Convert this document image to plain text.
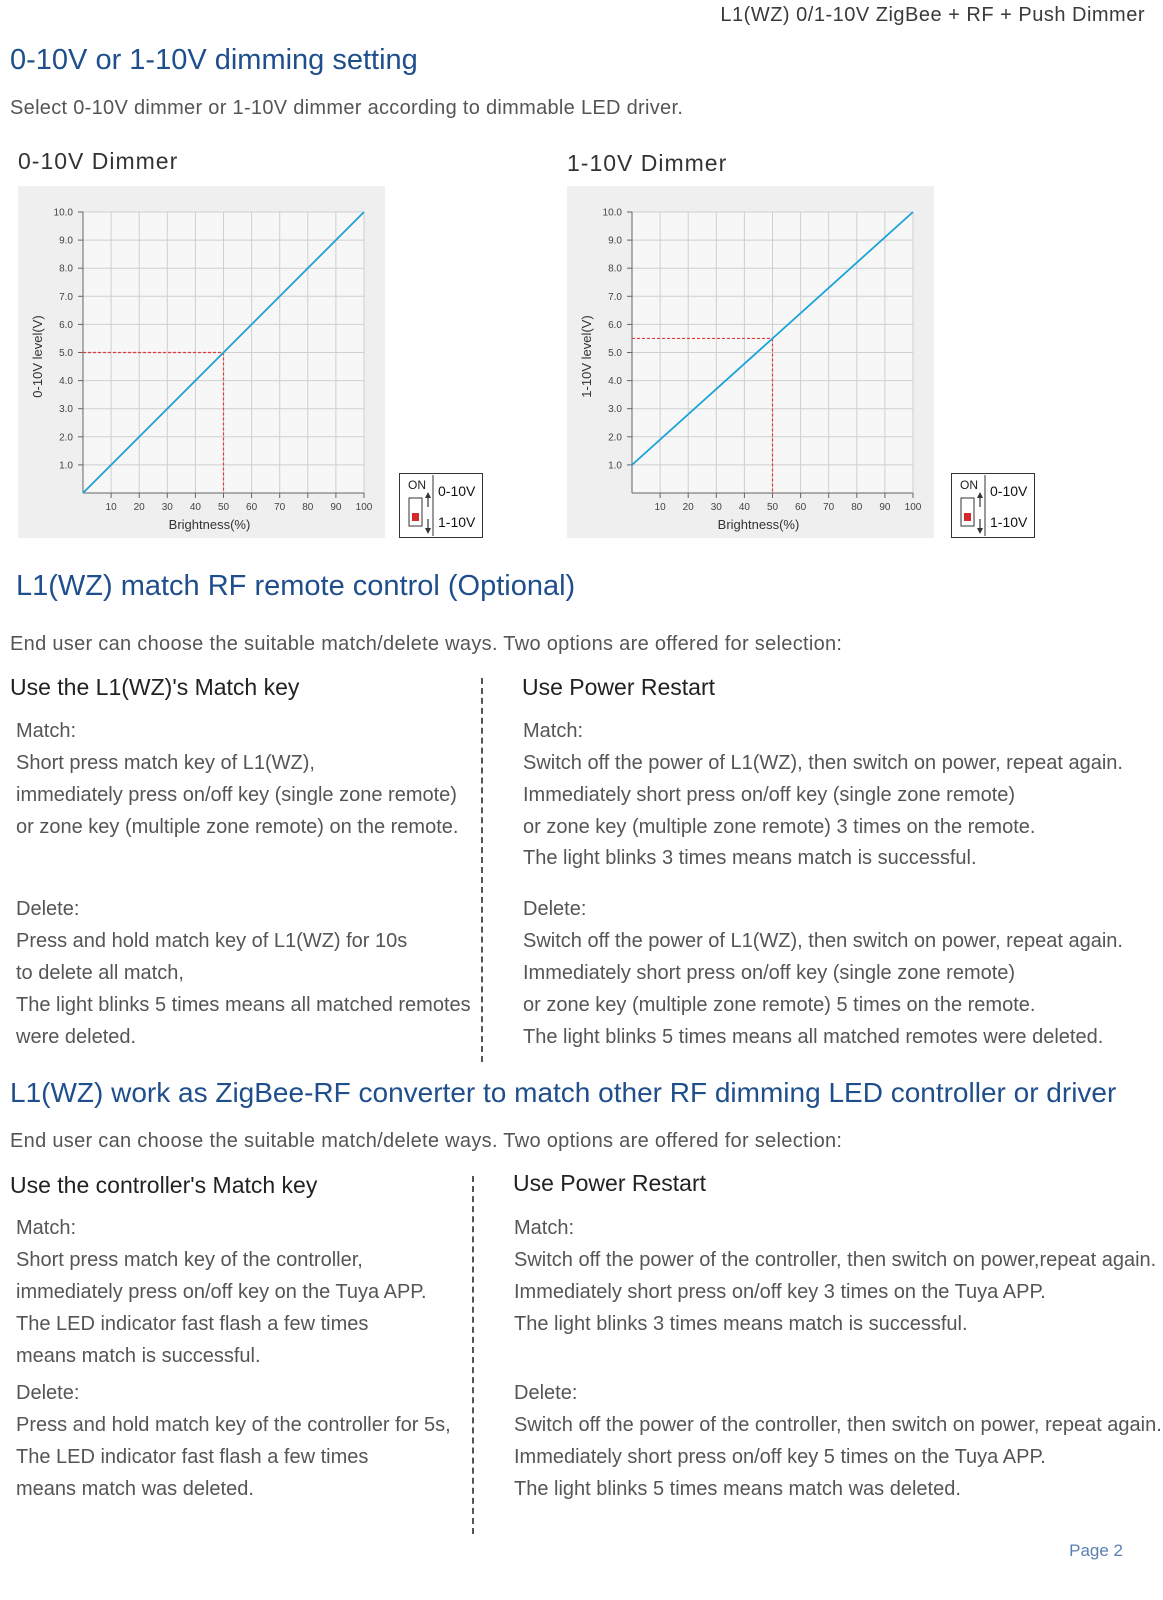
L1(WZ) 0/1-10V ZigBee + RF + Push Dimmer
0-10V or 1-10V dimming setting
Select 0-10V dimmer or 1-10V dimmer according to dimmable LED driver.
0-10V Dimmer
10 20 30 40 50 60 70 80 90 100
1.0
2.0
3.0
4.0
5.0
6.0
7.0
8.0
9.0
10.0
Brightness(%)
0-10V level(V)
ON 0-10V
1-10V
1-10V Dimmer
10 20 30 40 50 60 70 80 90 100
1.0
2.0
3.0
4.0
5.0
6.0
7.0
8.0
9.0
10.0
Brightness(%)
1-10V level(V)
ON 0-10V
1-10V
L1(WZ) match RF remote control (Optional)
End user can choose the suitable match/delete ways. Two options are offered for selection:
Use the L1(WZ)'s Match key
Match:
Short press match key of L1(WZ),
immediately press on/off key (single zone remote)
or zone key (multiple zone remote) on the remote.
Delete:
Press and hold match key of L1(WZ) for 10s
to delete all match,
The light blinks 5 times means all matched remotes
were deleted.
Use Power Restart
Match:
Switch off the power of L1(WZ), then switch on power, repeat again.
Immediately short press on/off key (single zone remote)
or zone key (multiple zone remote) 3 times on the remote.
The light blinks 3 times means match is successful.
Delete:
Switch off the power of L1(WZ), then switch on power, repeat again.
Immediately short press on/off key (single zone remote)
or zone key (multiple zone remote) 5 times on the remote.
The light blinks 5 times means all matched remotes were deleted.
L1(WZ) work as ZigBee-RF converter to match other RF dimming LED controller or driver
End user can choose the suitable match/delete ways. Two options are offered for selection:
Use the controller's Match key
Match:
Short press match key of the controller,
immediately press on/off key on the Tuya APP.
The LED indicator fast flash a few times
means match is successful.
Delete:
Press and hold match key of the controller for 5s,
The LED indicator fast flash a few times
means match was deleted.
Use Power Restart
Match:
Switch off the power of the controller, then switch on power,repeat again.
Immediately short press on/off key 3 times on the Tuya APP.
The light blinks 3 times means match is successful.
Delete:
Switch off the power of the controller, then switch on power, repeat again.
Immediately short press on/off key 5 times on the Tuya APP.
The light blinks 5 times means match was deleted.
Page 2
